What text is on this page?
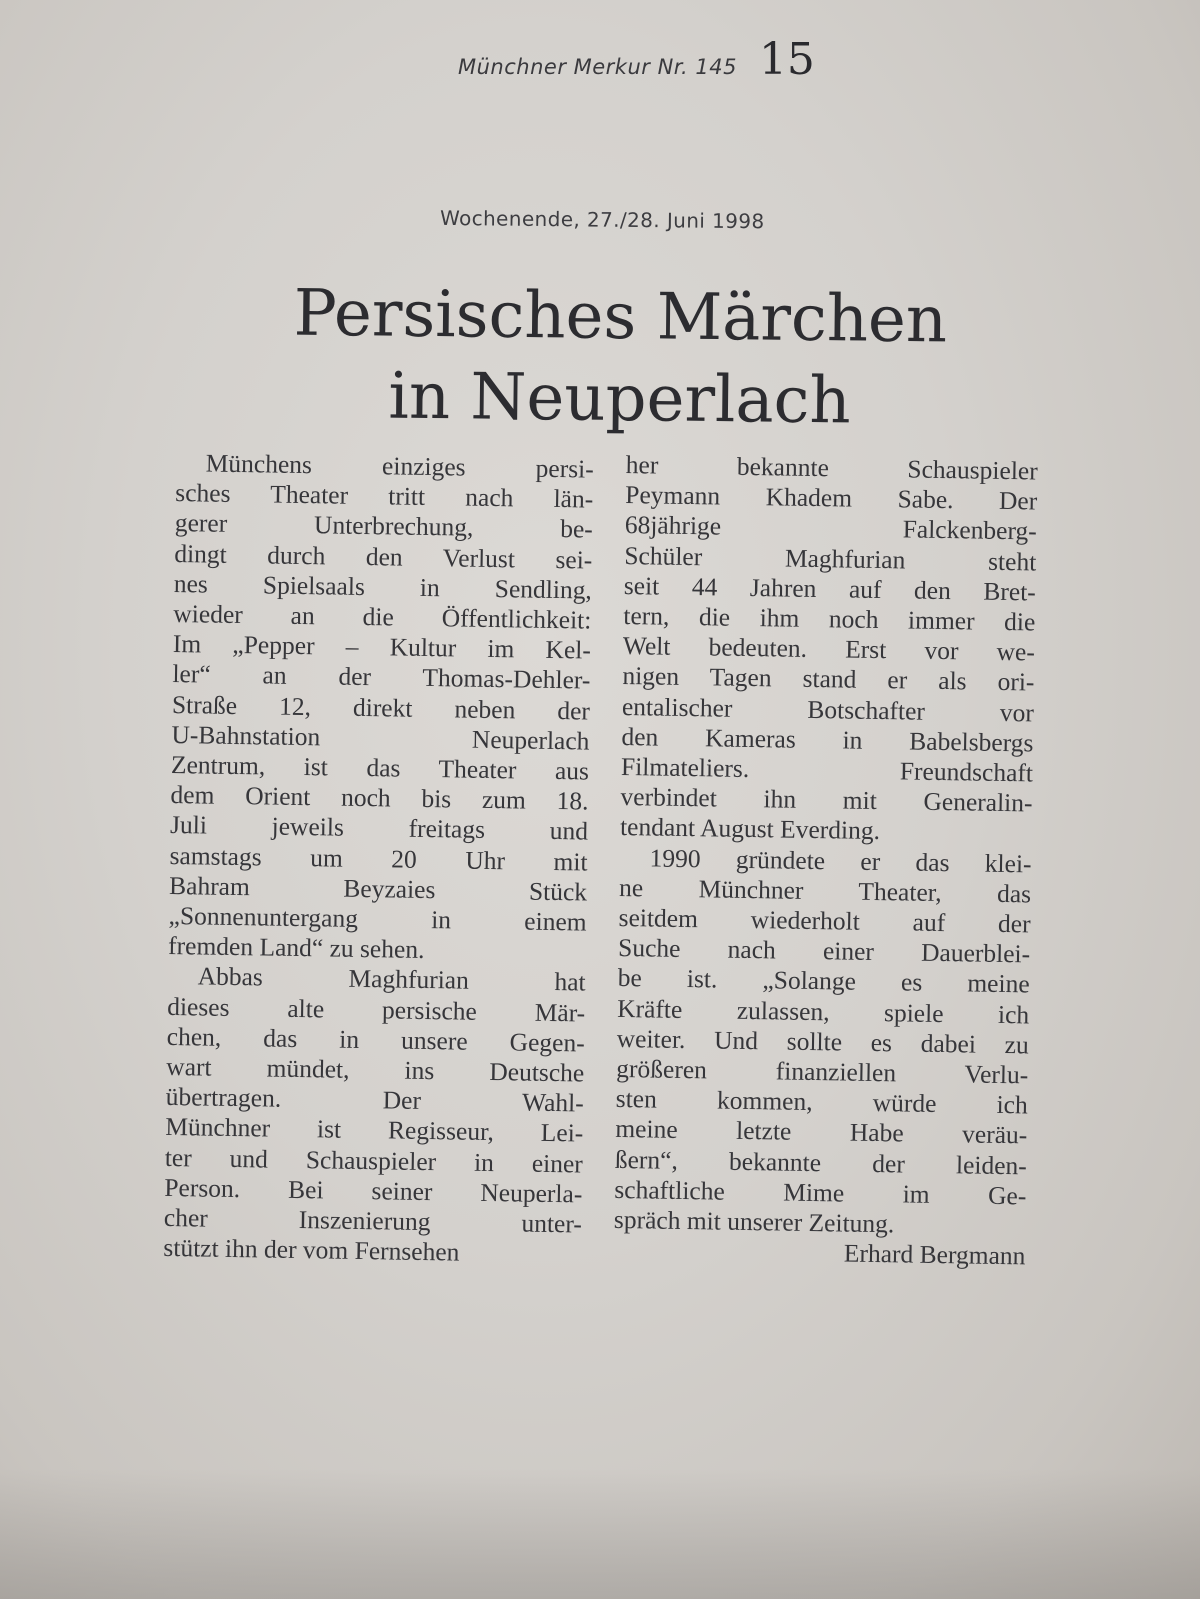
Münchner Merkur Nr. 145 15
Wochenende, 27./28. Juni 1998
Persisches Märchen
in Neuperlach
Münchens einziges persi-
sches Theater tritt nach län-
gerer Unterbrechung, be-
dingt durch den Verlust sei-
nes Spielsaals in Sendling,
wieder an die Öffentlichkeit:
Im „Pepper – Kultur im Kel-
ler“ an der Thomas-Dehler-
Straße 12, direkt neben der
U-Bahnstation Neuperlach
Zentrum, ist das Theater aus
dem Orient noch bis zum 18.
Juli jeweils freitags und
samstags um 20 Uhr mit
Bahram Beyzaies Stück
„Sonnenuntergang in einem
fremden Land“ zu sehen.
Abbas Maghfurian hat
dieses alte persische Mär-
chen, das in unsere Gegen-
wart mündet, ins Deutsche
übertragen. Der Wahl-
Münchner ist Regisseur, Lei-
ter und Schauspieler in einer
Person. Bei seiner Neuperla-
cher Inszenierung unter-
stützt ihn der vom Fernsehen
her bekannte Schauspieler
Peymann Khadem Sabe. Der
68jährige Falckenberg-
Schüler Maghfurian steht
seit 44 Jahren auf den Bret-
tern, die ihm noch immer die
Welt bedeuten. Erst vor we-
nigen Tagen stand er als ori-
entalischer Botschafter vor
den Kameras in Babelsbergs
Filmateliers. Freundschaft
verbindet ihn mit Generalin-
tendant August Everding.
1990 gründete er das klei-
ne Münchner Theater, das
seitdem wiederholt auf der
Suche nach einer Dauerblei-
be ist. „Solange es meine
Kräfte zulassen, spiele ich
weiter. Und sollte es dabei zu
größeren finanziellen Verlu-
sten kommen, würde ich
meine letzte Habe veräu-
ßern“, bekannte der leiden-
schaftliche Mime im Ge-
spräch mit unserer Zeitung.
Erhard Bergmann
